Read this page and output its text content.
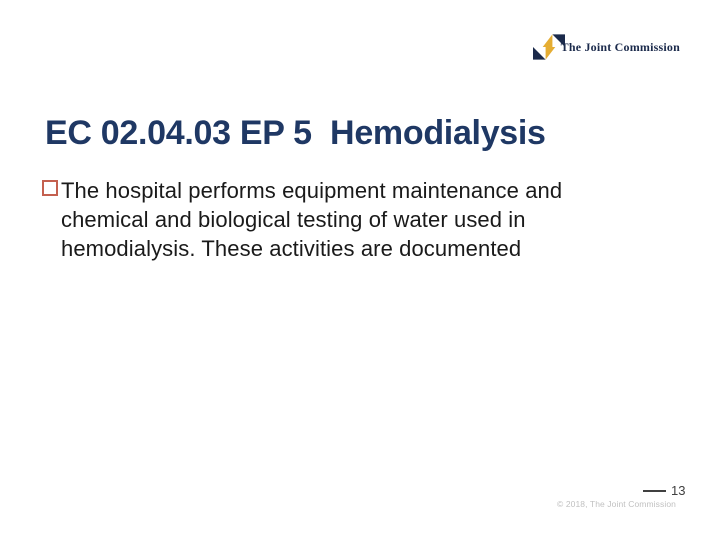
The Joint Commission
EC 02.04.03 EP 5  Hemodialysis
The hospital performs equipment maintenance and
chemical and biological testing of water used in
hemodialysis. These activities are documented
13
© 2018, The Joint Commission
